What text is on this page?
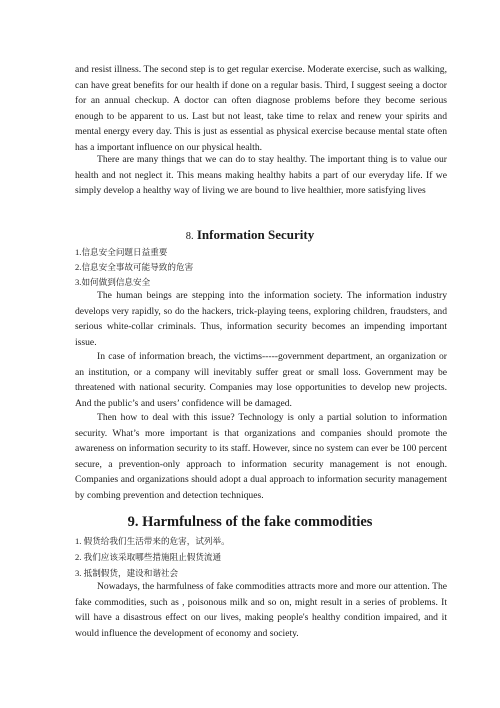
and resist illness. The second step is to get regular exercise. Moderate exercise, such as walking, can have great benefits for our health if done on a regular basis. Third, I suggest seeing a doctor for an annual checkup. A doctor can often diagnose problems before they become serious enough to be apparent to us. Last but not least, take time to relax and renew your spirits and mental energy every day. This is just as essential as physical exercise because mental state often has a important influence on our physical health.

There are many things that we can do to stay healthy. The important thing is to value our health and not neglect it. This means making healthy habits a part of our everyday life. If we simply develop a healthy way of living we are bound to live healthier, more satisfying lives

8. Information Security

1.信息安全问题日益重要

2.信息安全事故可能导致的危害

3.如何做到信息安全

The human beings are stepping into the information society. The information industry develops very rapidly, so do the hackers, trick-playing teens, exploring children, fraudsters, and serious white-collar criminals. Thus, information security becomes an impending important issue.

In case of information breach, the victims-----government department, an organization or an institution, or a company will inevitably suffer great or small loss. Government may be threatened with national security. Companies may lose opportunities to develop new projects. And the public’s and users’ confidence will be damaged.

Then how to deal with this issue? Technology is only a partial solution to information security. What’s more important is that organizations and companies should promote the awareness on information security to its staff. However, since no system can ever be 100 percent secure, a prevention-only approach to information security management is not enough. Companies and organizations should adopt a dual approach to information security management by combing prevention and detection techniques.

9. Harmfulness of the fake commodities

1. 假货给我们生活带来的危害，试列举。

2. 我们应该采取哪些措施阻止假货流通

3. 抵制假货，建设和谐社会

Nowadays, the harmfulness of fake commodities attracts more and more our attention. The fake commodities, such as , poisonous milk and so on, might result in a series of problems. It will have a disastrous effect on our lives, making people's healthy condition impaired, and it would influence the development of economy and society.
